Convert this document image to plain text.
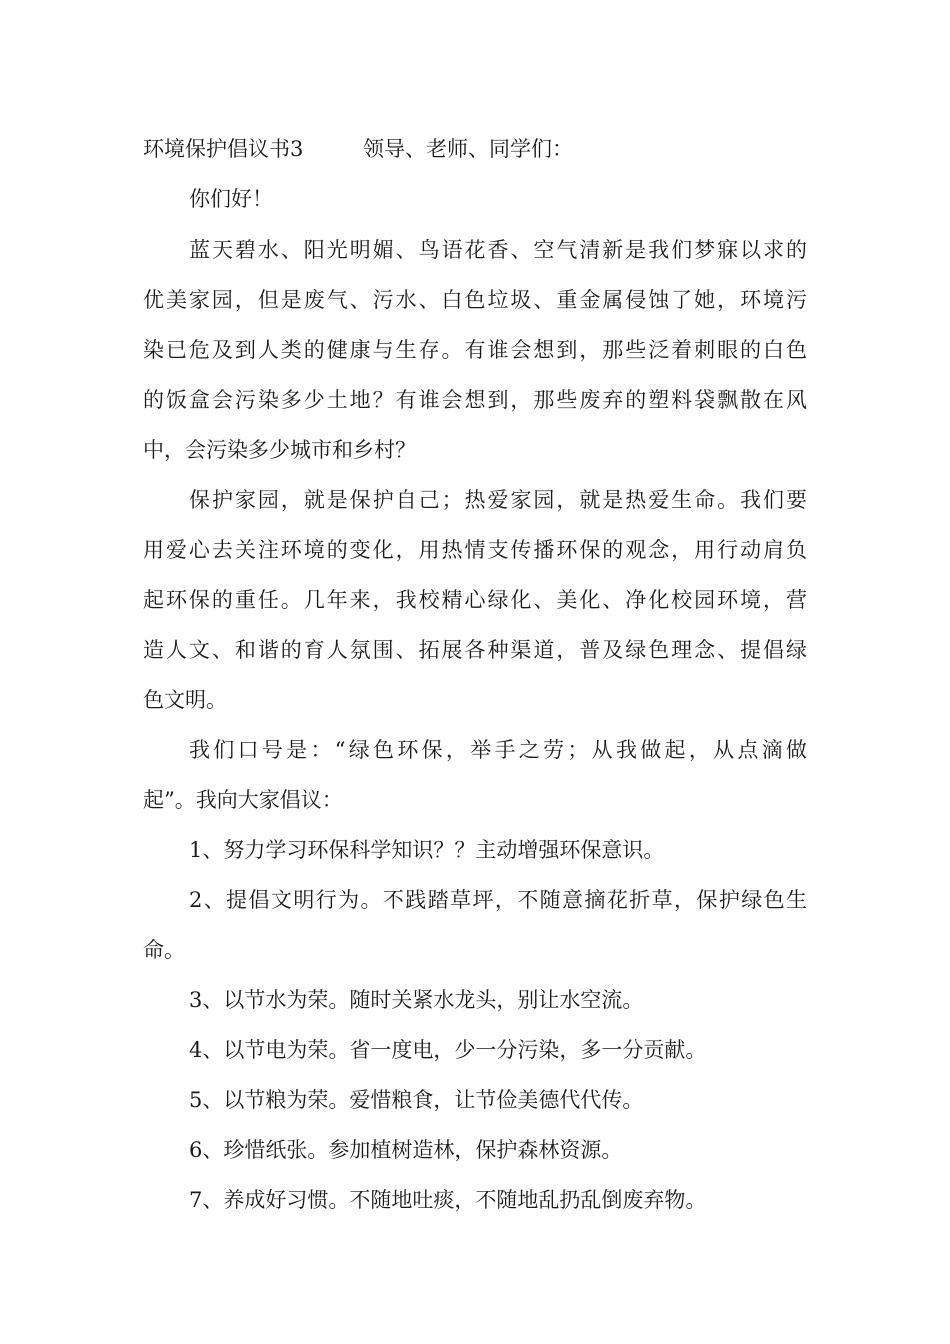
环境保护倡议书3	领导、老师、同学们：
你们好！
蓝天碧水、阳光明媚、鸟语花香、空气清新是我们梦寐以求的
优美家园，但是废气、污水、白色垃圾、重金属侵蚀了她，环境污
染已危及到人类的健康与生存。有谁会想到，那些泛着刺眼的白色
的饭盒会污染多少土地？有谁会想到，那些废弃的塑料袋飘散在风
中，会污染多少城市和乡村？
保护家园，就是保护自己；热爱家园，就是热爱生命。我们要
用爱心去关注环境的变化，用热情支传播环保的观念，用行动肩负
起环保的重任。几年来，我校精心绿化、美化、净化校园环境，营
造人文、和谐的育人氛围、拓展各种渠道，普及绿色理念、提倡绿
色文明。
我们口号是：“绿色环保，举手之劳；从我做起，从点滴做
起”。我向大家倡议：
1、努力学习环保科学知识？？主动增强环保意识。
2、提倡文明行为。不践踏草坪，不随意摘花折草，保护绿色生
命。
3、以节水为荣。随时关紧水龙头，别让水空流。
4、以节电为荣。省一度电，少一分污染，多一分贡献。
5、以节粮为荣。爱惜粮食，让节俭美德代代传。
6、珍惜纸张。参加植树造林，保护森林资源。
7、养成好习惯。不随地吐痰，不随地乱扔乱倒废弃物。
